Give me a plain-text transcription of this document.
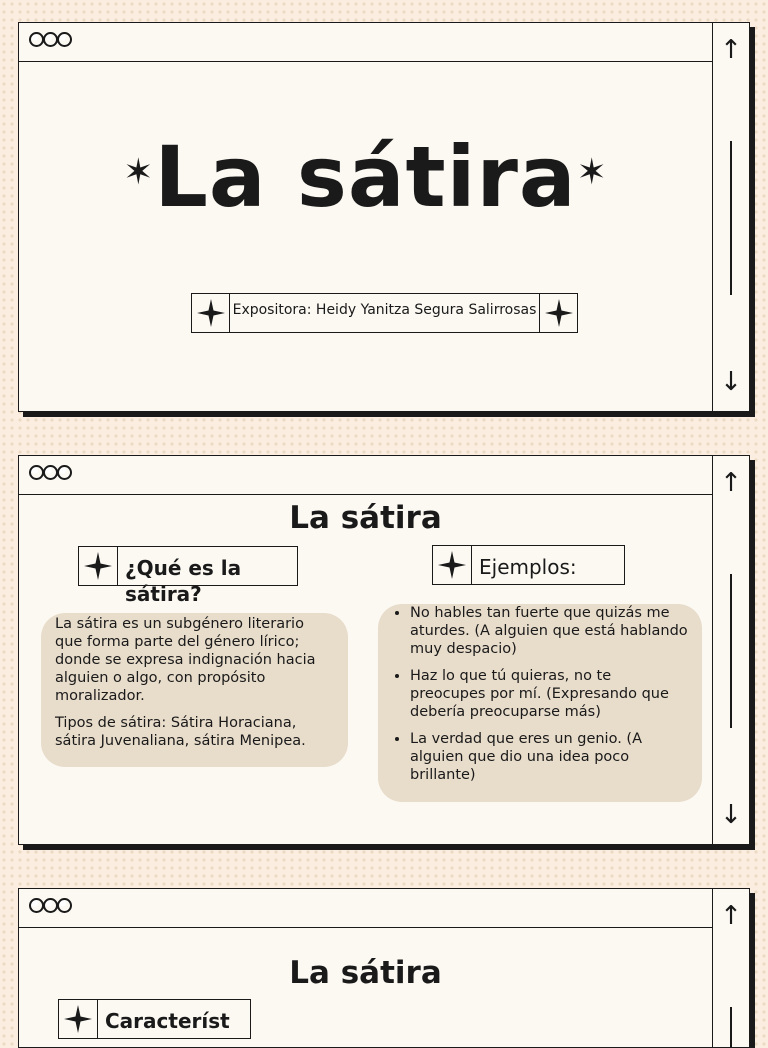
↑
↓
✶La sátira✶
Expositora: Heidy Yanitza Segura Salirrosas
↑
↓
La sátira
¿Qué es la sátira?

La sátira es un subgénero literario que forma parte del género lírico; donde se expresa indignación hacia alguien o algo, con propósito moralizador.

Tipos de sátira: Sátira Horaciana, sátira Juvenaliana, sátira Menipea.

Ejemplos:
• No hables tan fuerte que quizás me aturdes. (A alguien que está hablando muy despacio)
• Haz lo que tú quieras, no te preocupes por mí. (Expresando que debería preocuparse más)
• La verdad que eres un genio. (A alguien que dio una idea poco brillante)
↑
La sátira
Característ
